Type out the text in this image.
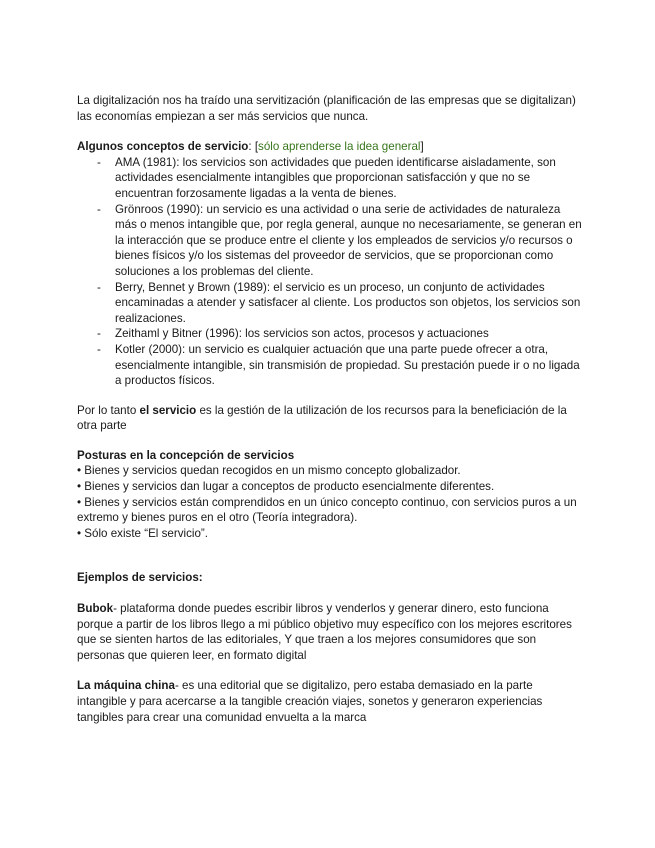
La digitalización nos ha traído una servitización (planificación de las empresas que se digitalizan) las economías empiezan a ser más servicios que nunca.

Algunos conceptos de servicio: [sólo aprenderse la idea general]

- AMA (1981): los servicios son actividades que pueden identificarse aisladamente, son actividades esencialmente intangibles que proporcionan satisfacción y que no se encuentran forzosamente ligadas a la venta de bienes.
- Grönroos (1990): un servicio es una actividad o una serie de actividades de naturaleza más o menos intangible que, por regla general, aunque no necesariamente, se generan en la interacción que se produce entre el cliente y los empleados de servicios y/o recursos o bienes físicos y/o los sistemas del proveedor de servicios, que se proporcionan como soluciones a los problemas del cliente.
- Berry, Bennet y Brown (1989): el servicio es un proceso, un conjunto de actividades encaminadas a atender y satisfacer al cliente. Los productos son objetos, los servicios son realizaciones.
- Zeithaml y Bitner (1996): los servicios son actos, procesos y actuaciones
- Kotler (2000): un servicio es cualquier actuación que una parte puede ofrecer a otra, esencialmente intangible, sin transmisión de propiedad. Su prestación puede ir o no ligada a productos físicos.

Por lo tanto el servicio es la gestión de la utilización de los recursos para la beneficiación de la otra parte

Posturas en la concepción de servicios

• Bienes y servicios quedan recogidos en un mismo concepto globalizador.

• Bienes y servicios dan lugar a conceptos de producto esencialmente diferentes.

• Bienes y servicios están comprendidos en un único concepto continuo, con servicios puros a un extremo y bienes puros en el otro (Teoría integradora).

• Sólo existe “El servicio”.

Ejemplos de servicios:

Bubok- plataforma donde puedes escribir libros y venderlos y generar dinero, esto funciona porque a partir de los libros llego a mi público objetivo muy específico con los mejores escritores que se sienten hartos de las editoriales, Y que traen a los mejores consumidores que son personas que quieren leer, en formato digital

La máquina china- es una editorial que se digitalizo, pero estaba demasiado en la parte intangible y para acercarse a la tangible creación viajes, sonetos y generaron experiencias tangibles para crear una comunidad envuelta a la marca
